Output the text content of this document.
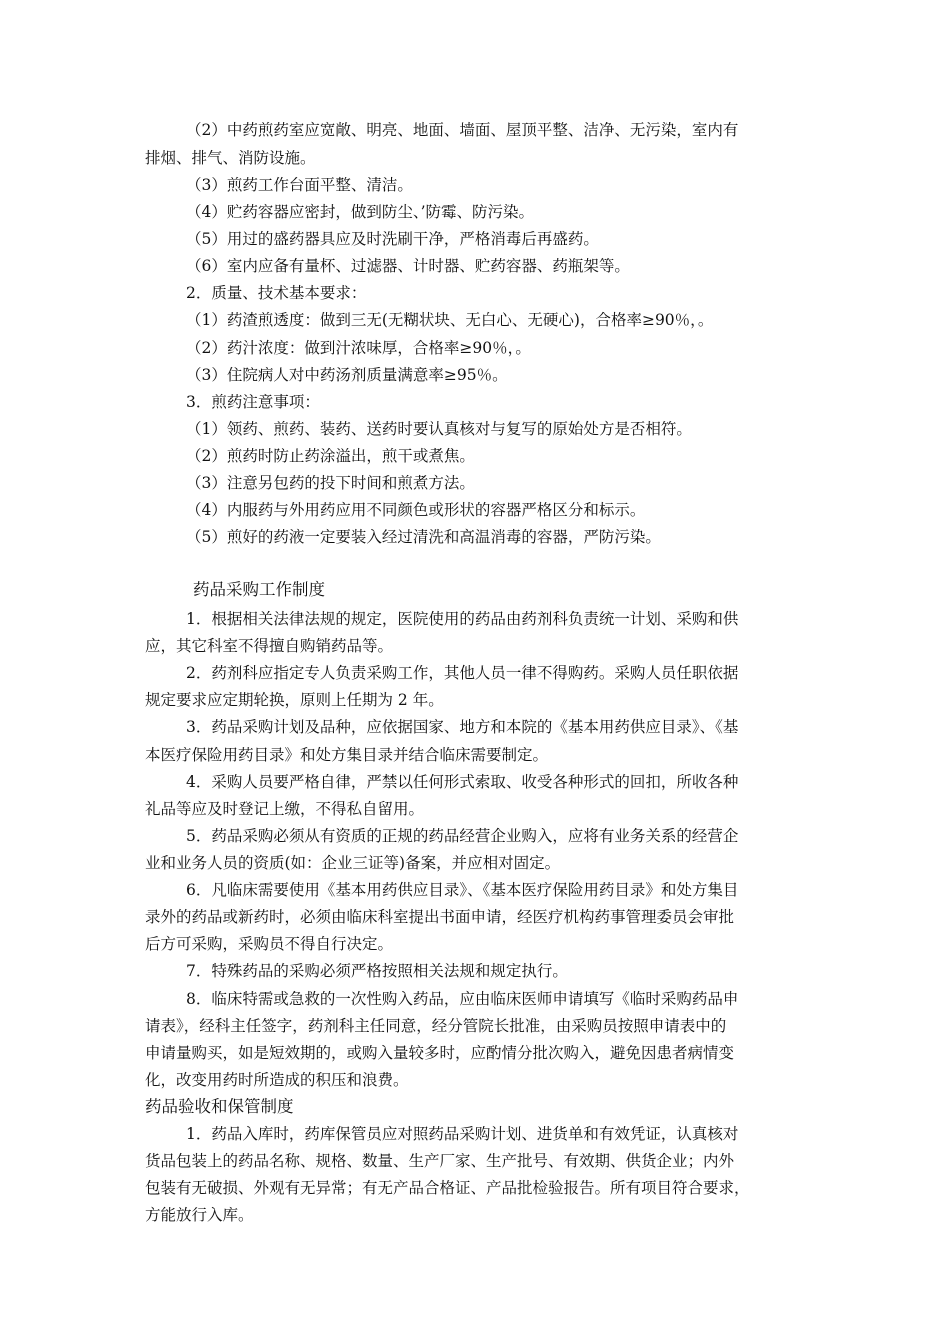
（2）中药煎药室应宽敞、明亮、地面、墙面、屋顶平整、洁净、无污染，室内有
排烟、排气、消防设施。
（3）煎药工作台面平整、清洁。
（4）贮药容器应密封，做到防尘、’防霉、防污染。
（5）用过的盛药器具应及时洗刷干净，严格消毒后再盛药。
（6）室内应备有量杯、过滤器、计时器、贮药容器、药瓶架等。
2．质量、技术基本要求：
（1）药渣煎透度：做到三无(无糊状块、无白心、无硬心)，合格率≥90％，。
（2）药汁浓度：做到汁浓味厚，合格率≥90％，。
（3）住院病人对中药汤剂质量满意率≥95％。
3．煎药注意事项：
（1）领药、煎药、装药、送药时要认真核对与复写的原始处方是否相符。
（2）煎药时防止药涂溢出，煎干或煮焦。
（3）注意另包药的投下时间和煎煮方法。
（4）内服药与外用药应用不同颜色或形状的容器严格区分和标示。
（5）煎好的药液一定要装入经过清洗和高温消毒的容器，严防污染。
药品采购工作制度
1．根据相关法律法规的规定，医院使用的药品由药剂科负责统一计划、采购和供
应，其它科室不得擅自购销药品等。
2．药剂科应指定专人负责采购工作，其他人员一律不得购药。采购人员任职依据
规定要求应定期轮换，原则上任期为 2 年。
3．药品采购计划及品种，应依据国家、地方和本院的《基本用药供应目录》、《基
本医疗保险用药目录》和处方集目录并结合临床需要制定。
4．采购人员要严格自律，严禁以任何形式索取、收受各种形式的回扣，所收各种
礼品等应及时登记上缴，不得私自留用。
5．药品采购必须从有资质的正规的药品经营企业购入，应将有业务关系的经营企
业和业务人员的资质(如：企业三证等)备案，并应相对固定。
6．凡临床需要使用《基本用药供应目录》、《基本医疗保险用药目录》和处方集目
录外的药品或新药时，必须由临床科室提出书面申请，经医疗机构药事管理委员会审批
后方可采购，采购员不得自行决定。
7．特殊药品的采购必须严格按照相关法规和规定执行。
8．临床特需或急救的一次性购入药品，应由临床医师申请填写《临时采购药品申
请表》，经科主任签字，药剂科主任同意，经分管院长批准，由采购员按照申请表中的
申请量购买，如是短效期的，或购入量较多时，应酌情分批次购入，避免因患者病情变
化，改变用药时所造成的积压和浪费。
药品验收和保管制度
1．药品入库时，药库保管员应对照药品采购计划、进货单和有效凭证，认真核对
货品包装上的药品名称、规格、数量、生产厂家、生产批号、有效期、供货企业；内外
包装有无破损、外观有无异常；有无产品合格证、产品批检验报告。所有项目符合要求，
方能放行入库。
